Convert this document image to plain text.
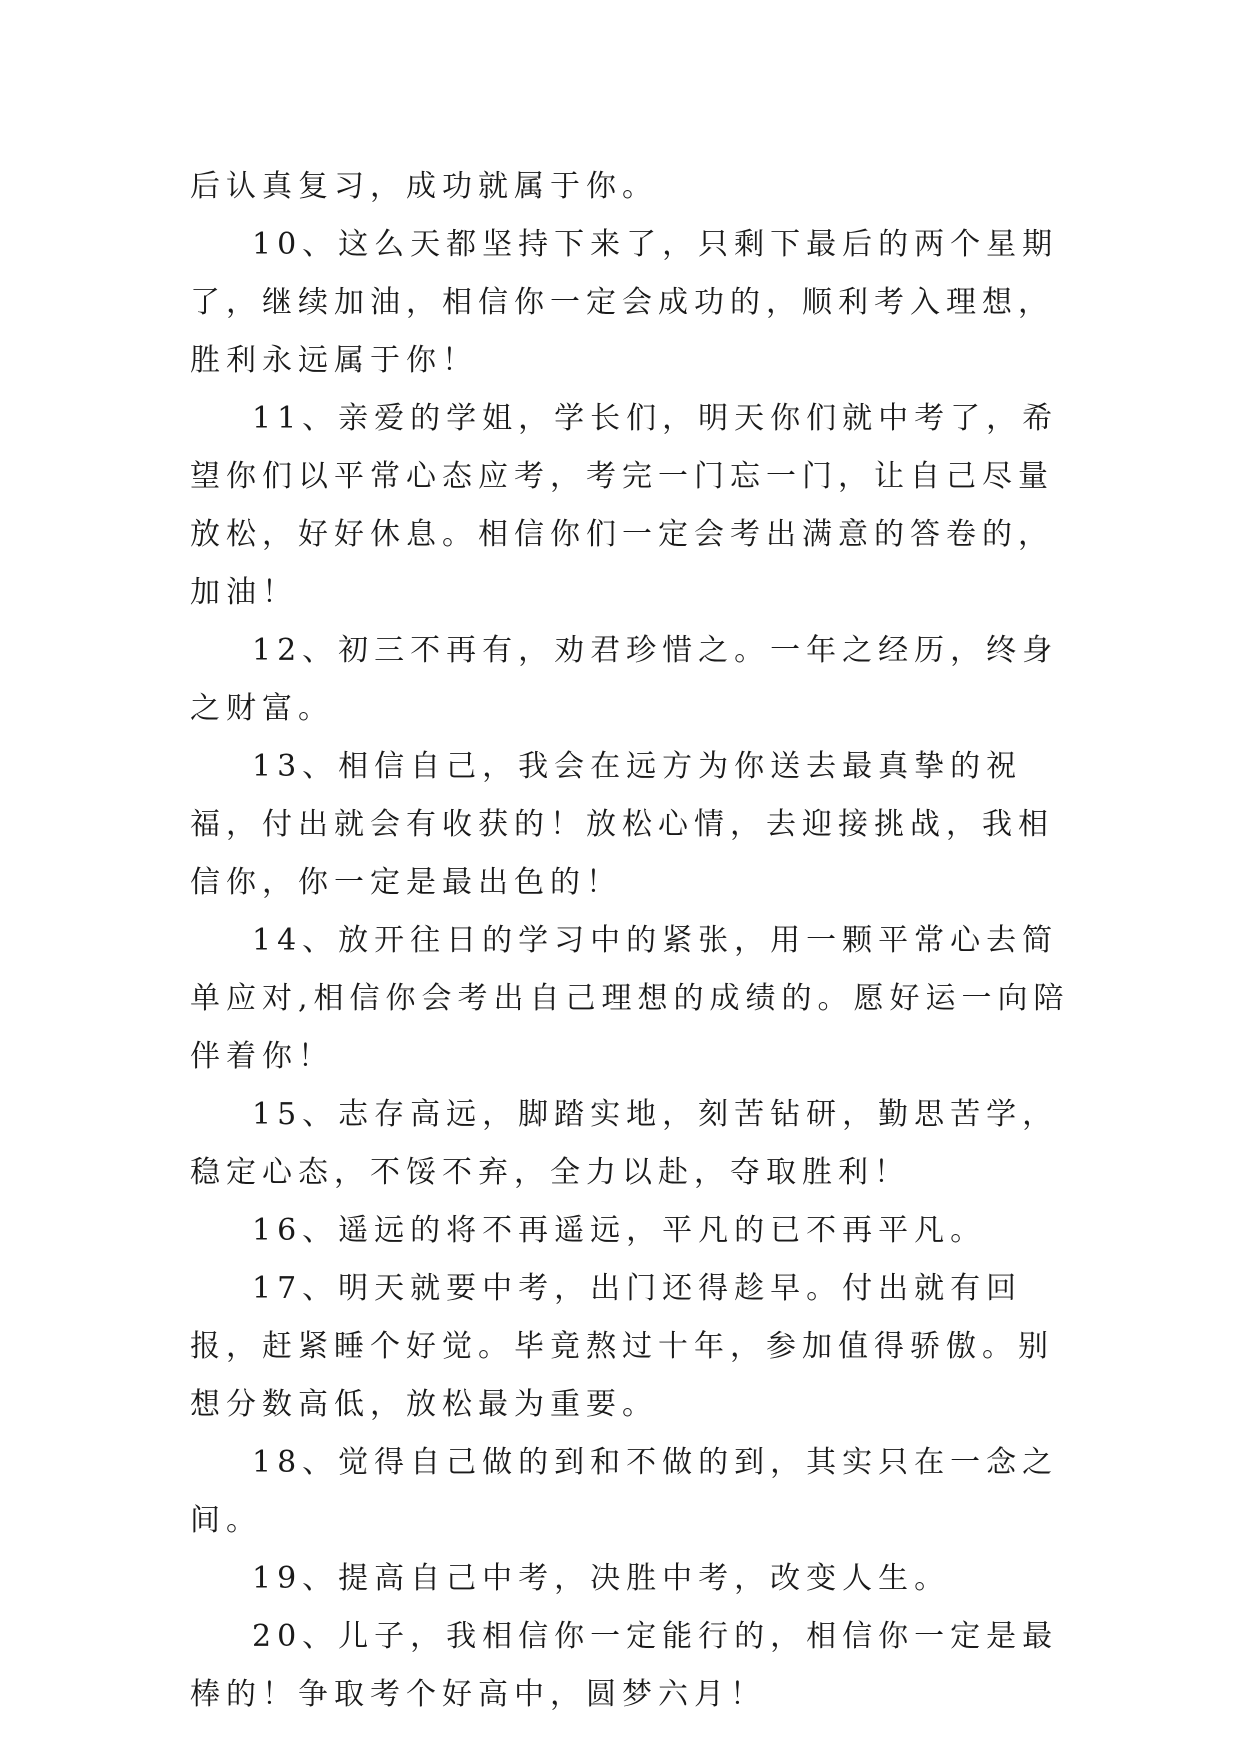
后认真复习，成功就属于你。

10、这么天都坚持下来了，只剩下最后的两个星期了，继续加油，相信你一定会成功的，顺利考入理想，胜利永远属于你！

11、亲爱的学姐，学长们，明天你们就中考了，希望你们以平常心态应考，考完一门忘一门，让自己尽量放松，好好休息。相信你们一定会考出满意的答卷的，加油！

12、初三不再有，劝君珍惜之。一年之经历，终身之财富。

13、相信自己，我会在远方为你送去最真挚的祝福，付出就会有收获的！放松心情，去迎接挑战，我相信你，你一定是最出色的！

14、放开往日的学习中的紧张，用一颗平常心去简单应对,相信你会考出自己理想的成绩的。愿好运一向陪伴着你！

15、志存高远，脚踏实地，刻苦钻研，勤思苦学，稳定心态，不馁不弃，全力以赴，夺取胜利！

16、遥远的将不再遥远，平凡的已不再平凡。

17、明天就要中考，出门还得趁早。付出就有回报，赶紧睡个好觉。毕竟熬过十年，参加值得骄傲。别想分数高低，放松最为重要。

18、觉得自己做的到和不做的到，其实只在一念之间。

19、提高自己中考，决胜中考，改变人生。

20、儿子，我相信你一定能行的，相信你一定是最棒的！争取考个好高中，圆梦六月！
